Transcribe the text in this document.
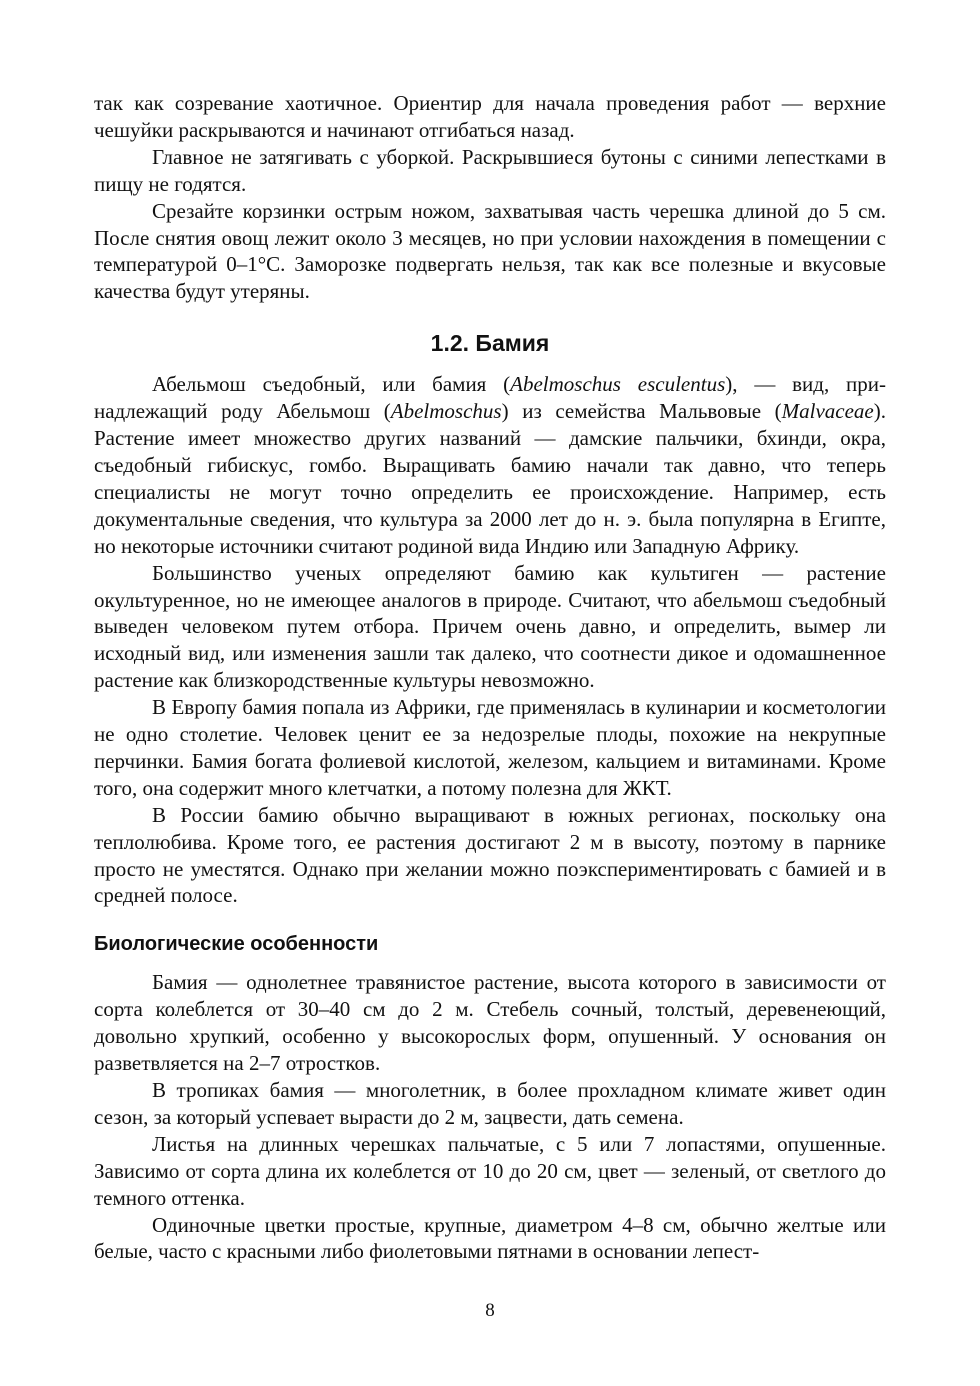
так как созревание хаотичное. Ориентир для начала проведения работ — верхние чешуйки раскрываются и начинают отгибаться назад.

Главное не затягивать с уборкой. Раскрывшиеся бутоны с синими лепестками в пищу не годятся.

Срезайте корзинки острым ножом, захватывая часть черешка длиной до 5 см. После снятия овощ лежит около 3 месяцев, но при условии нахождения в помещении с температурой 0–1°С. Заморозке подвергать нельзя, так как все полезные и вкусовые качества будут утеряны.

1.2. Бамия

Абельмош съедобный, или бамия (Abelmoschus esculentus), — вид, принадлежащий роду Абельмош (Abelmoschus) из семейства Мальвовые (Malvaceae). Растение имеет множество других названий — дамские пальчики, бхинди, окра, съедобный гибискус, гомбо. Выращивать бамию начали так давно, что теперь специалисты не могут точно определить ее происхождение. Например, есть документальные сведения, что культура за 2000 лет до н. э. была популярна в Египте, но некоторые источники считают родиной вида Индию или Западную Африку.

Большинство ученых определяют бамию как культиген — растение окультуренное, но не имеющее аналогов в природе. Считают, что абельмош съедобный выведен человеком путем отбора. Причем очень давно, и определить, вымер ли исходный вид, или изменения зашли так далеко, что соотнести дикое и одомашненное растение как близкородственные культуры невозможно.

В Европу бамия попала из Африки, где применялась в кулинарии и косметологии не одно столетие. Человек ценит ее за недозрелые плоды, похожие на некрупные перчинки. Бамия богата фолиевой кислотой, железом, кальцием и витаминами. Кроме того, она содержит много клетчатки, а потому полезна для ЖКТ.

В России бамию обычно выращивают в южных регионах, поскольку она теплолюбива. Кроме того, ее растения достигают 2 м в высоту, поэтому в парнике просто не уместятся. Однако при желании можно поэкспериментировать с бамией и в средней полосе.

Биологические особенности

Бамия — однолетнее травянистое растение, высота которого в зависимости от сорта колеблется от 30–40 см до 2 м. Стебель сочный, толстый, деревенеющий, довольно хрупкий, особенно у высокорослых форм, опушенный. У основания он разветвляется на 2–7 отростков.

В тропиках бамия — многолетник, в более прохладном климате живет один сезон, за который успевает вырасти до 2 м, зацвести, дать семена.

Листья на длинных черешках пальчатые, с 5 или 7 лопастями, опушенные. Зависимо от сорта длина их колеблется от 10 до 20 см, цвет — зеленый, от светлого до темного оттенка.

Одиночные цветки простые, крупные, диаметром 4–8 см, обычно желтые или белые, часто с красными либо фиолетовыми пятнами в основании лепест-

8
